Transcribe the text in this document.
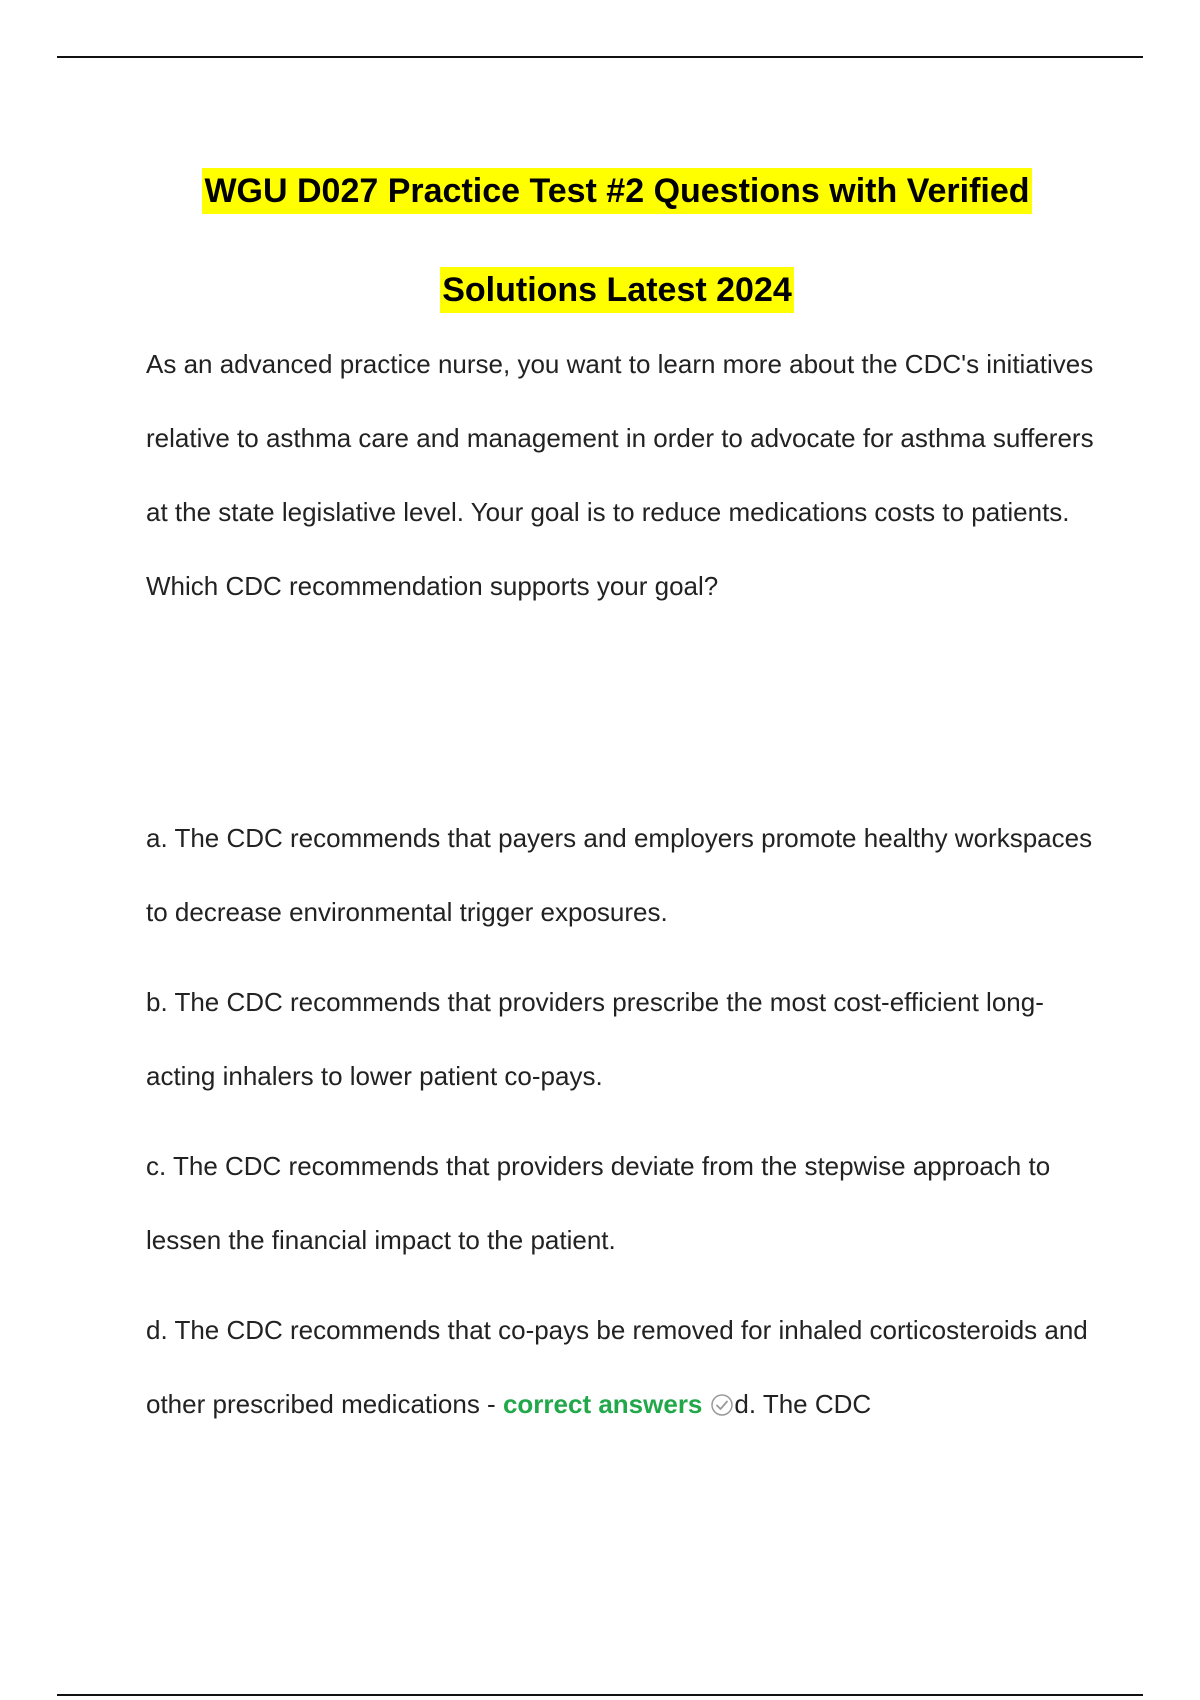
WGU D027 Practice Test #2 Questions with Verified
Solutions Latest 2024

As an advanced practice nurse, you want to learn more about the CDC's initiatives relative to asthma care and management in order to advocate for asthma sufferers at the state legislative level. Your goal is to reduce medications costs to patients. Which CDC recommendation supports your goal?

a. The CDC recommends that payers and employers promote healthy workspaces to decrease environmental trigger exposures.
b. The CDC recommends that providers prescribe the most cost-efficient long-acting inhalers to lower patient co-pays.
c. The CDC recommends that providers deviate from the stepwise approach to lessen the financial impact to the patient.
d. The CDC recommends that co-pays be removed for inhaled corticosteroids and other prescribed medications - correct answers d. The CDC
